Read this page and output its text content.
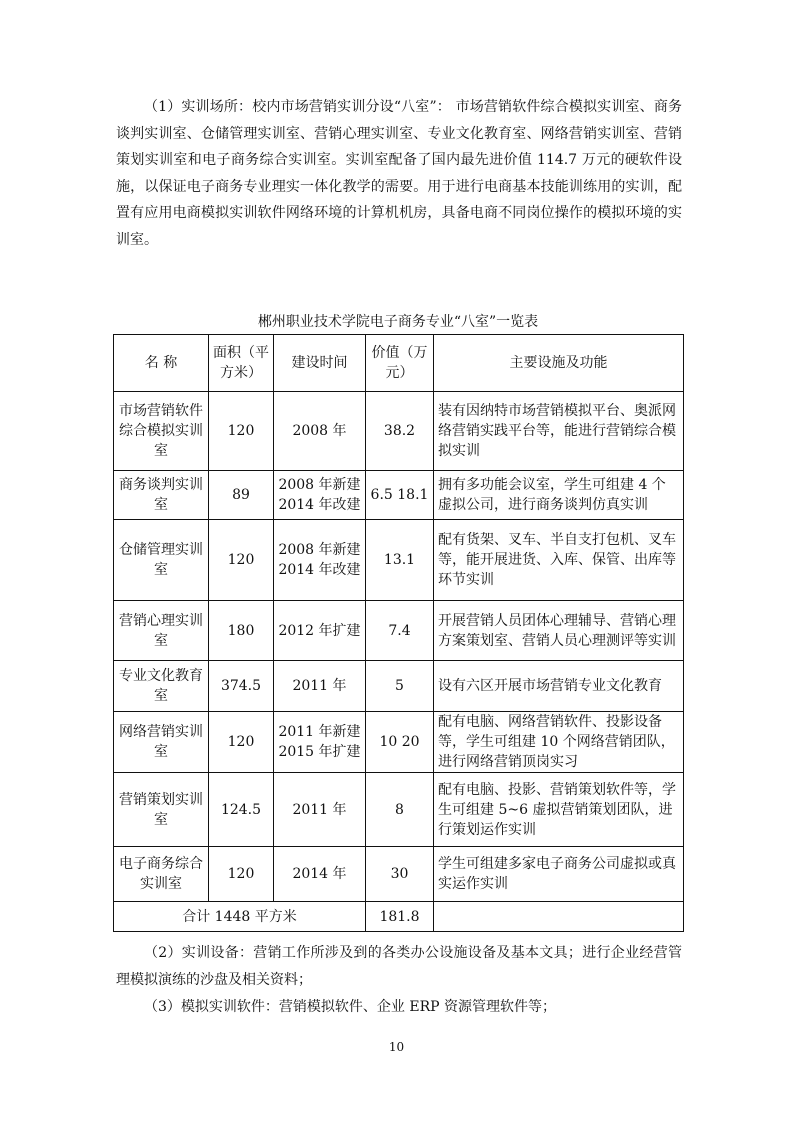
（1）实训场所：校内市场营销实训分设“八室”： 市场营销软件综合模拟实训室、商务谈判实训室、仓储管理实训室、营销心理实训室、专业文化教育室、网络营销实训室、营销策划实训室和电子商务综合实训室。实训室配备了国内最先进价值 114.7 万元的硬软件设施，以保证电子商务专业理实一体化教学的需要。用于进行电商基本技能训练用的实训，配置有应用电商模拟实训软件网络环境的计算机机房，具备电商不同岗位操作的模拟环境的实训室。

郴州职业技术学院电子商务专业“八室”一览表
名 称	面积（平方米）	建设时间	价值（万元）	主要设施及功能
市场营销软件综合模拟实训室	120	2008 年	38.2	装有因纳特市场营销模拟平台、奥派网络营销实践平台等，能进行营销综合模拟实训
商务谈判实训室	89	2008 年新建 2014 年改建	6.5 18.1	拥有多功能会议室，学生可组建 4 个虚拟公司，进行商务谈判仿真实训
仓储管理实训室	120	2008 年新建 2014 年改建	13.1	配有货架、叉车、半自支打包机、叉车等，能开展进货、入库、保管、出库等环节实训
营销心理实训室	180	2012 年扩建	7.4	开展营销人员团体心理辅导、营销心理方案策划室、营销人员心理测评等实训
专业文化教育室	374.5	2011 年	5	设有六区开展市场营销专业文化教育
网络营销实训室	120	2011 年新建 2015 年扩建	10 20	配有电脑、网络营销软件、投影设备等，学生可组建 10 个网络营销团队，进行网络营销顶岗实习
营销策划实训室	124.5	2011 年	8	配有电脑、投影、营销策划软件等，学生可组建 5~6 虚拟营销策划团队，进行策划运作实训
电子商务综合实训室	120	2014 年	30	学生可组建多家电子商务公司虚拟或真实运作实训
合计 1448 平方米			181.8	

（2）实训设备：营销工作所涉及到的各类办公设施设备及基本文具；进行企业经营管理模拟演练的沙盘及相关资料；

（3）模拟实训软件：营销模拟软件、企业 ERP 资源管理软件等；

10
